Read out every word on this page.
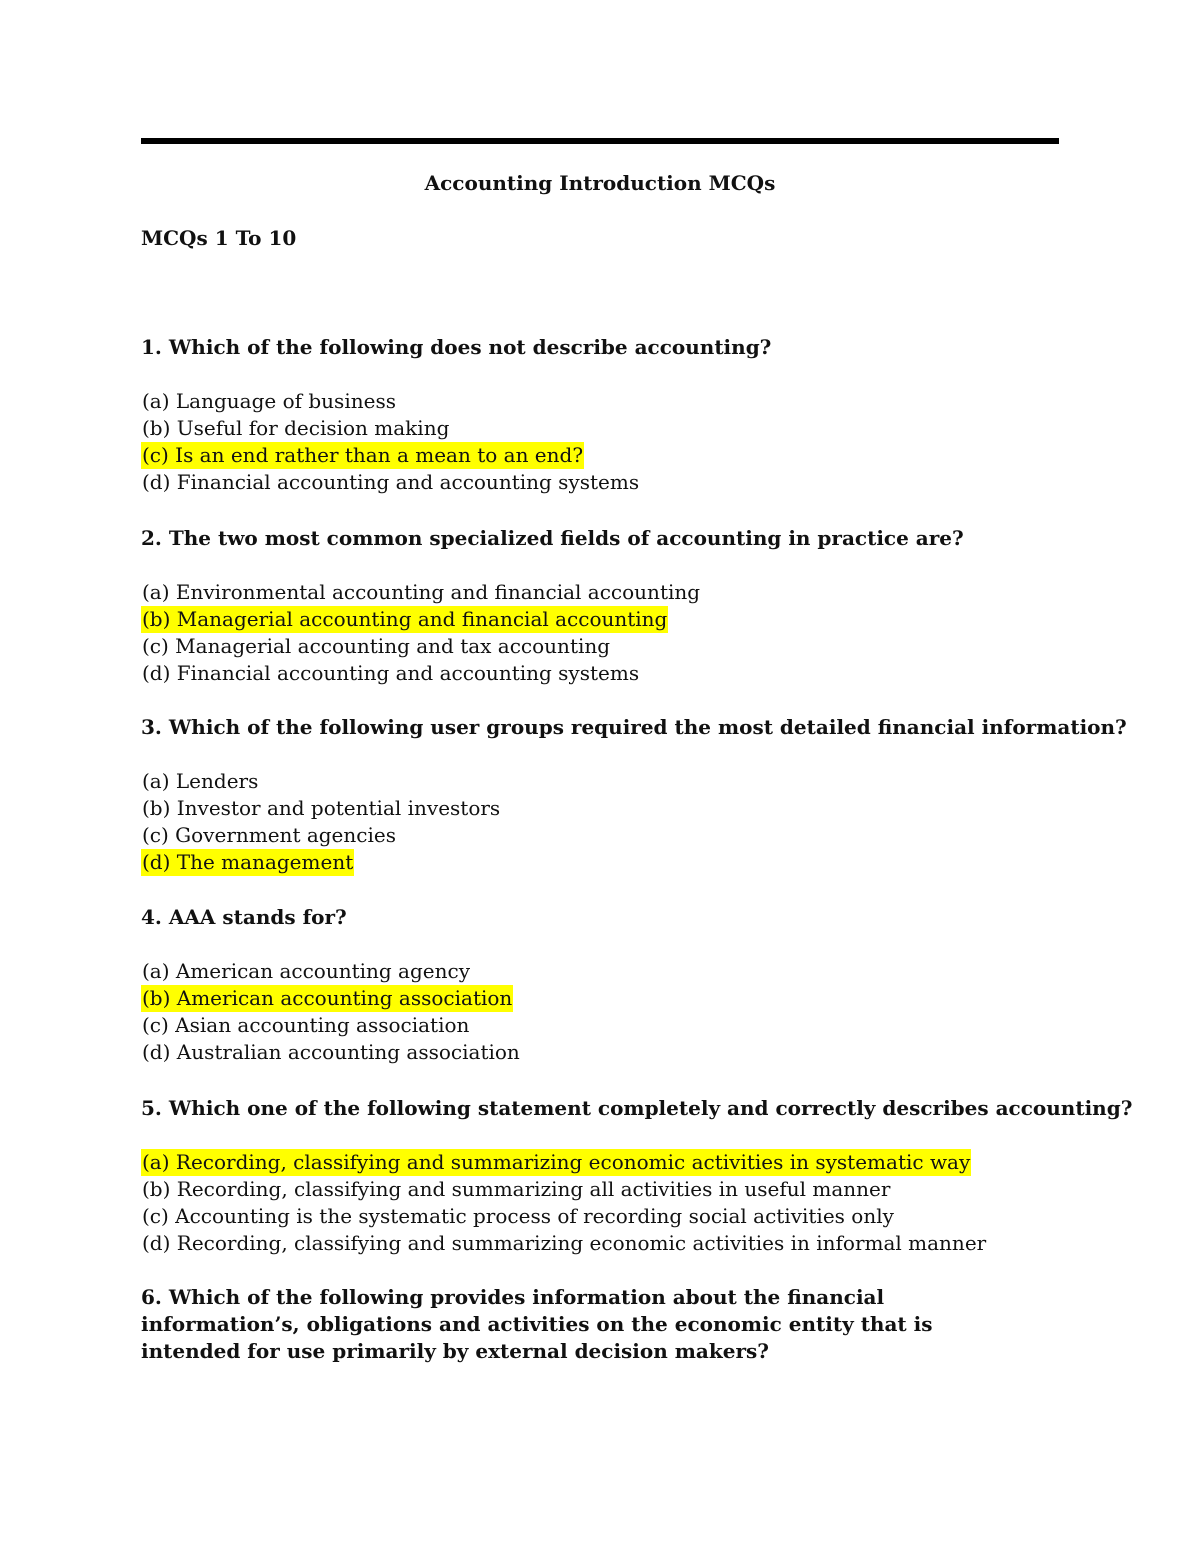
Accounting Introduction MCQs
MCQs 1 To 10

1. Which of the following does not describe accounting?

(a) Language of business
(b) Useful for decision making
(c) Is an end rather than a mean to an end?
(d) Financial accounting and accounting systems

2. The two most common specialized fields of accounting in practice are?

(a) Environmental accounting and financial accounting
(b) Managerial accounting and financial accounting
(c) Managerial accounting and tax accounting
(d) Financial accounting and accounting systems

3. Which of the following user groups required the most detailed financial information?

(a) Lenders
(b) Investor and potential investors
(c) Government agencies
(d) The management

4. AAA stands for?

(a) American accounting agency
(b) American accounting association
(c) Asian accounting association
(d) Australian accounting association

5. Which one of the following statement completely and correctly describes accounting?

(a) Recording, classifying and summarizing economic activities in systematic way
(b) Recording, classifying and summarizing all activities in useful manner
(c) Accounting is the systematic process of recording social activities only
(d) Recording, classifying and summarizing economic activities in informal manner

6. Which of the following provides information about the financial information’s, obligations and activities on the economic entity that is intended for use primarily by external decision makers?
